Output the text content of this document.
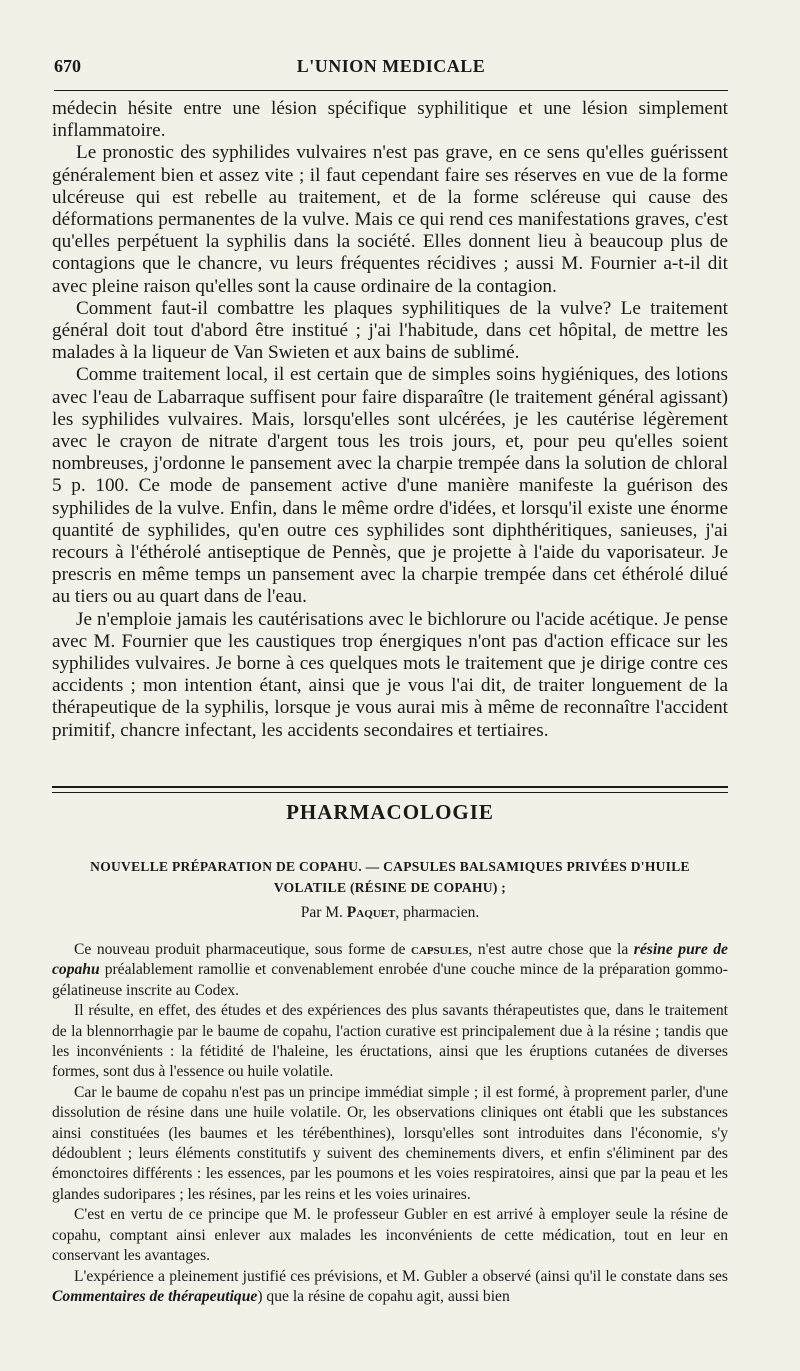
670	L'UNION MEDICALE

médecin hésite entre une lésion spécifique syphilitique et une lésion simplement inflammatoire.

Le pronostic des syphilides vulvaires n'est pas grave, en ce sens qu'elles guérissent généralement bien et assez vite ; il faut cependant faire ses réserves en vue de la forme ulcéreuse qui est rebelle au traitement, et de la forme scléreuse qui cause des déformations permanentes de la vulve. Mais ce qui rend ces manifestations graves, c'est qu'elles perpétuent la syphilis dans la société. Elles donnent lieu à beaucoup plus de contagions que le chancre, vu leurs fréquentes récidives ; aussi M. Fournier a-t-il dit avec pleine raison qu'elles sont la cause ordinaire de la contagion.

Comment faut-il combattre les plaques syphilitiques de la vulve? Le traitement général doit tout d'abord être institué ; j'ai l'habitude, dans cet hôpital, de mettre les malades à la liqueur de Van Swieten et aux bains de sublimé.

Comme traitement local, il est certain que de simples soins hygiéniques, des lotions avec l'eau de Labarraque suffisent pour faire disparaître (le traitement général agissant) les syphilides vulvaires. Mais, lorsqu'elles sont ulcérées, je les cautérise légèrement avec le crayon de nitrate d'argent tous les trois jours, et, pour peu qu'elles soient nombreuses, j'ordonne le pansement avec la charpie trempée dans la solution de chloral 5 p. 100. Ce mode de pansement active d'une manière manifeste la guérison des syphilides de la vulve. Enfin, dans le même ordre d'idées, et lorsqu'il existe une énorme quantité de syphilides, qu'en outre ces syphilides sont diphthéritiques, sanieuses, j'ai recours à l'éthérolé antiseptique de Pennès, que je projette à l'aide du vaporisateur. Je prescris en même temps un pansement avec la charpie trempée dans cet éthérolé dilué au tiers ou au quart dans de l'eau.

Je n'emploie jamais les cautérisations avec le bichlorure ou l'acide acétique. Je pense avec M. Fournier que les caustiques trop énergiques n'ont pas d'action efficace sur les syphilides vulvaires. Je borne à ces quelques mots le traitement que je dirige contre ces accidents ; mon intention étant, ainsi que je vous l'ai dit, de traiter longuement de la thérapeutique de la syphilis, lorsque je vous aurai mis à même de reconnaître l'accident primitif, chancre infectant, les accidents secondaires et tertiaires.

PHARMACOLOGIE
NOUVELLE PRÉPARATION DE COPAHU. — CAPSULES BALSAMIQUES PRIVÉES D'HUILE
VOLATILE (RÉSINE DE COPAHU) ;
Par M. Paquet, pharmacien.

Ce nouveau produit pharmaceutique, sous forme de capsules, n'est autre chose que la résine pure de copahu préalablement ramollie et convenablement enrobée d'une couche mince de la préparation gommo-gélatineuse inscrite au Codex.

Il résulte, en effet, des études et des expériences des plus savants thérapeutistes que, dans le traitement de la blennorrhagie par le baume de copahu, l'action curative est principalement due à la résine ; tandis que les inconvénients : la fétidité de l'haleine, les éructations, ainsi que les éruptions cutanées de diverses formes, sont dus à l'essence ou huile volatile.

Car le baume de copahu n'est pas un principe immédiat simple ; il est formé, à proprement parler, d'une dissolution de résine dans une huile volatile. Or, les observations cliniques ont établi que les substances ainsi constituées (les baumes et les térébenthines), lorsqu'elles sont introduites dans l'économie, s'y dédoublent ; leurs éléments constitutifs y suivent des cheminements divers, et enfin s'éliminent par des émonctoires différents : les essences, par les poumons et les voies respiratoires, ainsi que par la peau et les glandes sudoripares ; les résines, par les reins et les voies urinaires.

C'est en vertu de ce principe que M. le professeur Gubler en est arrivé à employer seule la résine de copahu, comptant ainsi enlever aux malades les inconvénients de cette médication, tout en leur en conservant les avantages.

L'expérience a pleinement justifié ces prévisions, et M. Gubler a observé (ainsi qu'il le constate dans ses Commentaires de thérapeutique) que la résine de copahu agit, aussi bien
